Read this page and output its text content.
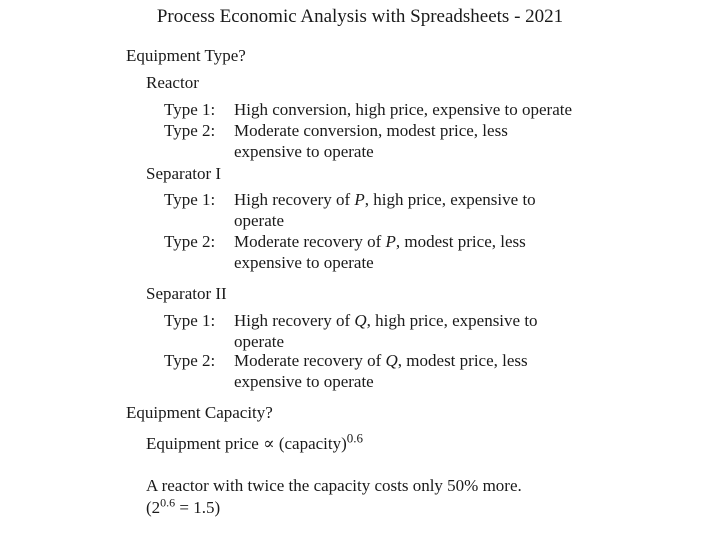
Process Economic Analysis with Spreadsheets - 2021
Equipment Type?
Reactor
Type 1: High conversion, high price, expensive to operate
Type 2: Moderate conversion, modest price, less
expensive to operate
Separator I
Type 1: High recovery of P, high price, expensive to
operate
Type 2: Moderate recovery of P, modest price, less
expensive to operate
Separator II
Type 1: High recovery of Q, high price, expensive to
operate
Type 2: Moderate recovery of Q, modest price, less
expensive to operate
Equipment Capacity?
Equipment price ∝ (capacity)$^{0.6}$
A reactor with twice the capacity costs only 50% more.
$(2^{0.6} = 1.5)$
